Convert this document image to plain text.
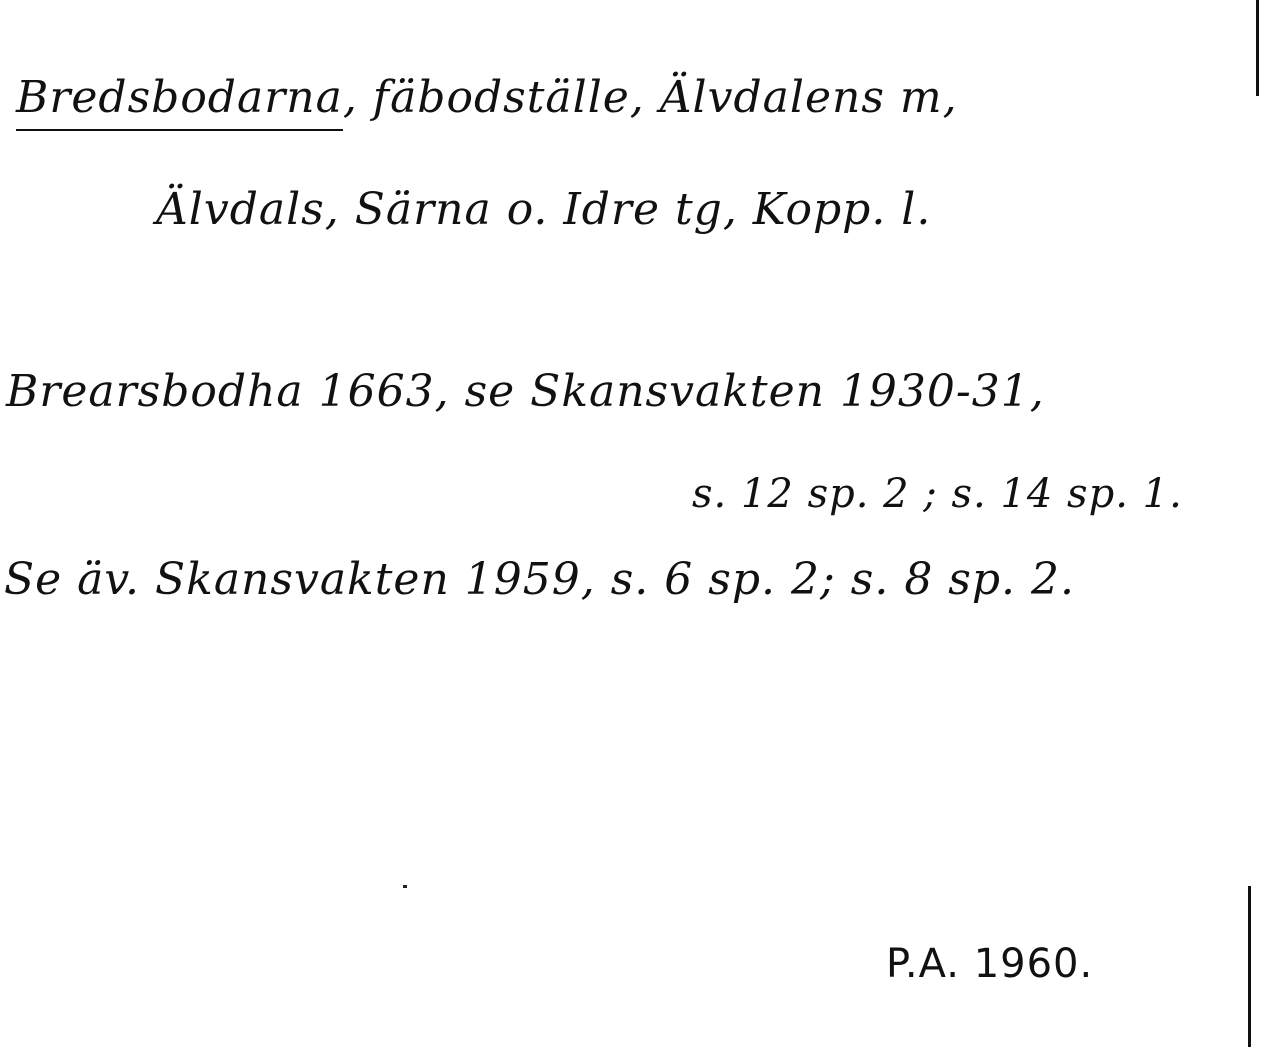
Bredsbodarna, fäbodställe, Älvdalens m,
Älvdals, Särna o. Idre tg, Kopp. l.
Brearsbodha 1663, se Skansvakten 1930-31,
s. 12 sp. 2 ; s. 14 sp. 1.
Se äv. Skansvakten 1959, s. 6 sp. 2; s. 8 sp. 2.
P.A. 1960.
